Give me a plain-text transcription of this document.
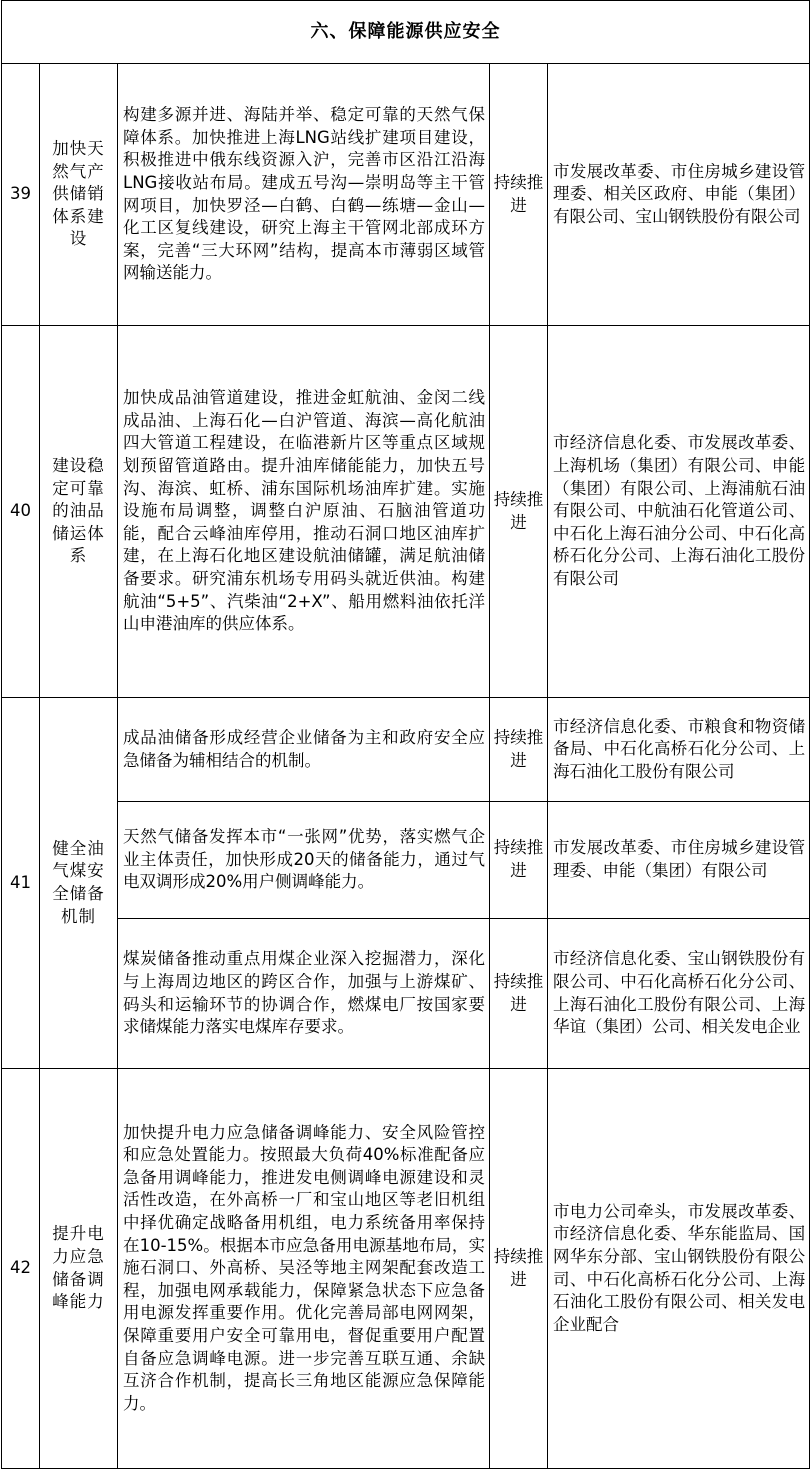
六、保障能源供应安全				
39	加快天然气产供储销体系建设	构建多源并进、海陆并举、稳定可靠的天然气保障体系。加快推进上海LNG站线扩建项目建设，积极推进中俄东线资源入沪，完善市区沿江沿海LNG接收站布局。建成五号沟—崇明岛等主干管网项目，加快罗泾—白鹤、白鹤—练塘—金山—化工区复线建设，研究上海主干管网北部成环方案，完善“三大环网”结构，提高本市薄弱区域管网输送能力。	持续推进	市发展改革委、市住房城乡建设管理委、相关区政府、申能（集团）有限公司、宝山钢铁股份有限公司
40	建设稳定可靠的油品储运体系	加快成品油管道建设，推进金虹航油、金闵二线成品油、上海石化—白沪管道、海滨—高化航油四大管道工程建设，在临港新片区等重点区域规划预留管道路由。提升油库储能能力，加快五号沟、海滨、虹桥、浦东国际机场油库扩建。实施设施布局调整，调整白沪原油、石脑油管道功能，配合云峰油库停用，推动石洞口地区油库扩建，在上海石化地区建设航油储罐，满足航油储备要求。研究浦东机场专用码头就近供油。构建航油“5+5”、汽柴油“2+X”、船用燃料油依托洋山申港油库的供应体系。	持续推进	市经济信息化委、市发展改革委、上海机场（集团）有限公司、申能（集团）有限公司、上海浦航石油有限公司、中航油石化管道公司、中石化上海石油分公司、中石化高桥石化分公司、上海石油化工股份有限公司
41	健全油气煤安全储备机制	成品油储备形成经营企业储备为主和政府安全应急储备为辅相结合的机制。	持续推进	市经济信息化委、市粮食和物资储备局、中石化高桥石化分公司、上海石油化工股份有限公司
		天然气储备发挥本市“一张网”优势，落实燃气企业主体责任，加快形成20天的储备能力，通过气电双调形成20%用户侧调峰能力。	持续推进	市发展改革委、市住房城乡建设管理委、申能（集团）有限公司
		煤炭储备推动重点用煤企业深入挖掘潜力，深化与上海周边地区的跨区合作，加强与上游煤矿、码头和运输环节的协调合作，燃煤电厂按国家要求储煤能力落实电煤库存要求。	持续推进	市经济信息化委、宝山钢铁股份有限公司、中石化高桥石化分公司、上海石油化工股份有限公司、上海华谊（集团）公司、相关发电企业
42	提升电力应急储备调峰能力	加快提升电力应急储备调峰能力、安全风险管控和应急处置能力。按照最大负荷40%标准配备应急备用调峰能力，推进发电侧调峰电源建设和灵活性改造，在外高桥一厂和宝山地区等老旧机组中择优确定战略备用机组，电力系统备用率保持在10-15%。根据本市应急备用电源基地布局，实施石洞口、外高桥、吴泾等地主网架配套改造工程，加强电网承载能力，保障紧急状态下应急备用电源发挥重要作用。优化完善局部电网网架，保障重要用户安全可靠用电，督促重要用户配置自备应急调峰电源。进一步完善互联互通、余缺互济合作机制，提高长三角地区能源应急保障能力。	持续推进	市电力公司牵头，市发展改革委、市经济信息化委、华东能监局、国网华东分部、宝山钢铁股份有限公司、中石化高桥石化分公司、上海石油化工股份有限公司、相关发电企业配合
